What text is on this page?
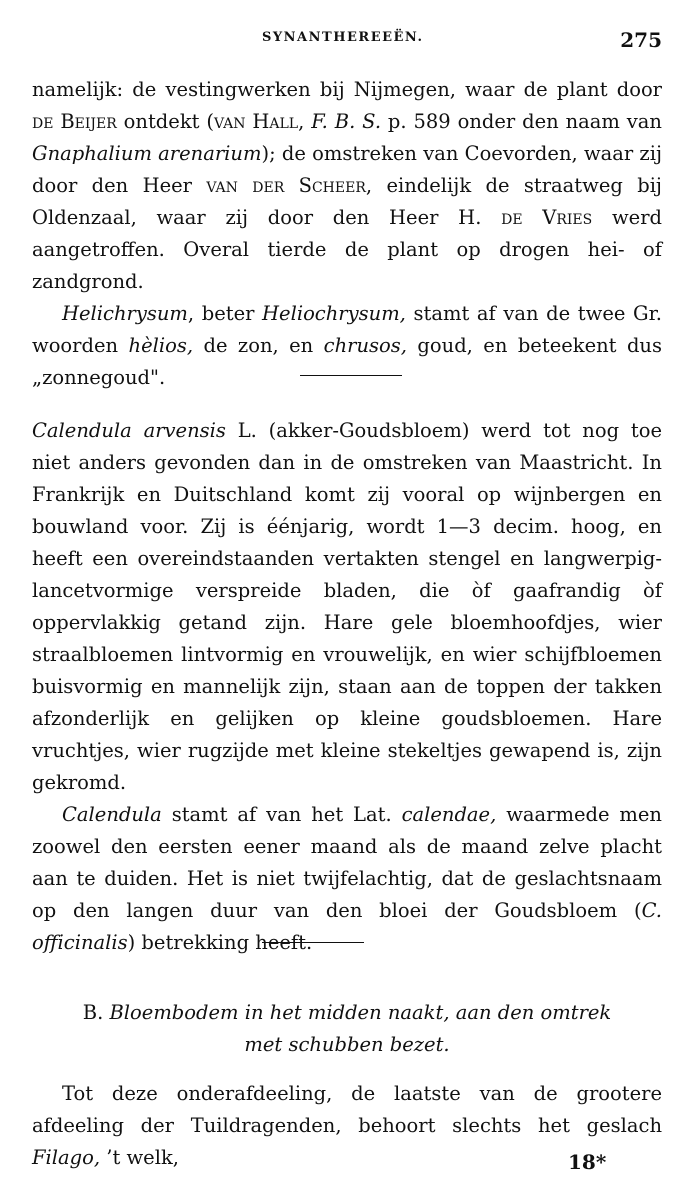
SYNANTHEREEËN.	275

namelijk: de vestingwerken bij Nijmegen, waar de plant door de Beijer ontdekt (van Hall, F. B. S. p. 589 onder den naam van Gnaphalium arenarium); de omstreken van Coevorden, waar zij door den Heer van der Scheer, eindelijk de straatweg bij Oldenzaal, waar zij door den Heer H. de Vries werd aangetroffen. Overal tierde de plant op drogen hei- of zandgrond.

Helichrysum, beter Heliochrysum, stamt af van de twee Gr. woorden hèlios, de zon, en chrusos, goud, en beteekent dus „zonnegoud".

Calendula arvensis L. (akker-Goudsbloem) werd tot nog toe niet anders gevonden dan in de omstreken van Maastricht. In Frankrijk en Duitschland komt zij vooral op wijnbergen en bouwland voor. Zij is éénjarig, wordt 1—3 decim. hoog, en heeft een overeindstaanden vertakten stengel en langwerpig-lancetvormige verspreide bladen, die òf gaafrandig òf oppervlakkig getand zijn. Hare gele bloemhoofdjes, wier straalbloemen lintvormig en vrouwelijk, en wier schijfbloemen buisvormig en mannelijk zijn, staan aan de toppen der takken afzonderlijk en gelijken op kleine goudsbloemen. Hare vruchtjes, wier rugzijde met kleine stekeltjes gewapend is, zijn gekromd.

Calendula stamt af van het Lat. calendae, waarmede men zoowel den eersten eener maand als de maand zelve placht aan te duiden. Het is niet twijfelachtig, dat de geslachtsnaam op den langen duur van den bloei der Goudsbloem (C. officinalis) betrekking heeft.

B. Bloembodem in het midden naakt, aan den omtrek
met schubben bezet.

Tot deze onderafdeeling, de laatste van de grootere afdeeling der Tuildragenden, behoort slechts het geslach Filago, ’t welk,	18*
